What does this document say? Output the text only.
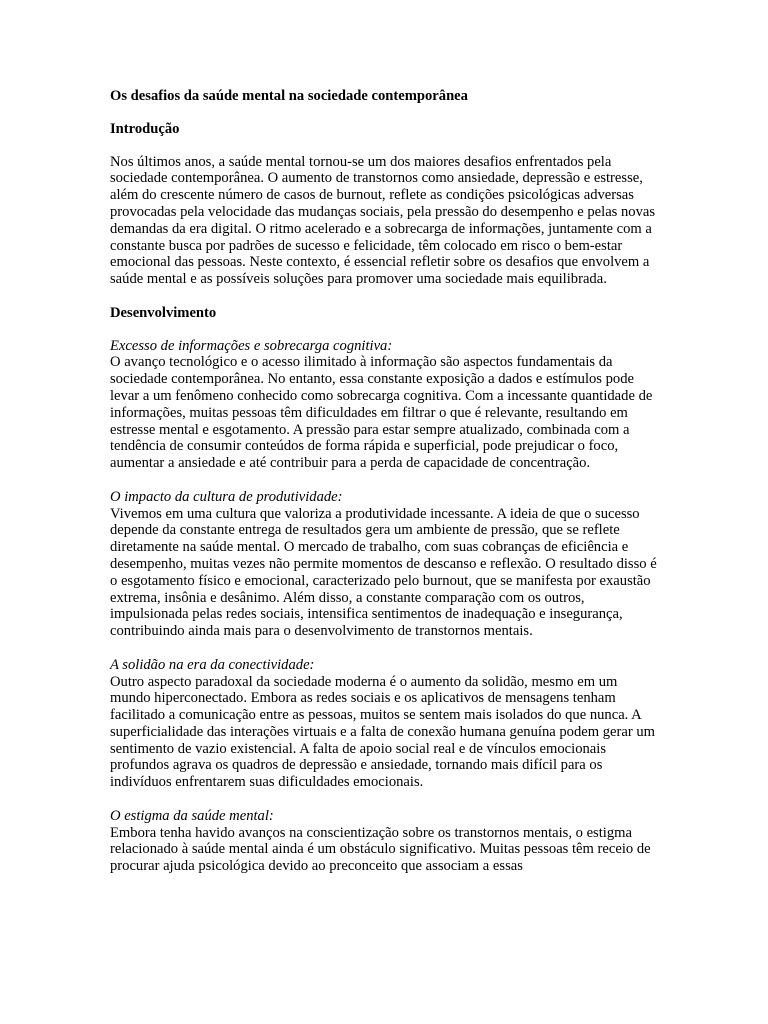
Os desafios da saúde mental na sociedade contemporânea
Introdução

Nos últimos anos, a saúde mental tornou-se um dos maiores desafios enfrentados pela sociedade contemporânea. O aumento de transtornos como ansiedade, depressão e estresse, além do crescente número de casos de burnout, reflete as condições psicológicas adversas provocadas pela velocidade das mudanças sociais, pela pressão do desempenho e pelas novas demandas da era digital. O ritmo acelerado e a sobrecarga de informações, juntamente com a constante busca por padrões de sucesso e felicidade, têm colocado em risco o bem-estar emocional das pessoas. Neste contexto, é essencial refletir sobre os desafios que envolvem a saúde mental e as possíveis soluções para promover uma sociedade mais equilibrada.

Desenvolvimento

Excesso de informações e sobrecarga cognitiva:
O avanço tecnológico e o acesso ilimitado à informação são aspectos fundamentais da sociedade contemporânea. No entanto, essa constante exposição a dados e estímulos pode levar a um fenômeno conhecido como sobrecarga cognitiva. Com a incessante quantidade de informações, muitas pessoas têm dificuldades em filtrar o que é relevante, resultando em estresse mental e esgotamento. A pressão para estar sempre atualizado, combinada com a tendência de consumir conteúdos de forma rápida e superficial, pode prejudicar o foco, aumentar a ansiedade e até contribuir para a perda de capacidade de concentração.

O impacto da cultura de produtividade:
Vivemos em uma cultura que valoriza a produtividade incessante. A ideia de que o sucesso depende da constante entrega de resultados gera um ambiente de pressão, que se reflete diretamente na saúde mental. O mercado de trabalho, com suas cobranças de eficiência e desempenho, muitas vezes não permite momentos de descanso e reflexão. O resultado disso é o esgotamento físico e emocional, caracterizado pelo burnout, que se manifesta por exaustão extrema, insônia e desânimo. Além disso, a constante comparação com os outros, impulsionada pelas redes sociais, intensifica sentimentos de inadequação e insegurança, contribuindo ainda mais para o desenvolvimento de transtornos mentais.

A solidão na era da conectividade:
Outro aspecto paradoxal da sociedade moderna é o aumento da solidão, mesmo em um mundo hiperconectado. Embora as redes sociais e os aplicativos de mensagens tenham facilitado a comunicação entre as pessoas, muitos se sentem mais isolados do que nunca. A superficialidade das interações virtuais e a falta de conexão humana genuína podem gerar um sentimento de vazio existencial. A falta de apoio social real e de vínculos emocionais profundos agrava os quadros de depressão e ansiedade, tornando mais difícil para os indivíduos enfrentarem suas dificuldades emocionais.

O estigma da saúde mental:
Embora tenha havido avanços na conscientização sobre os transtornos mentais, o estigma relacionado à saúde mental ainda é um obstáculo significativo. Muitas pessoas têm receio de procurar ajuda psicológica devido ao preconceito que associam a essas
